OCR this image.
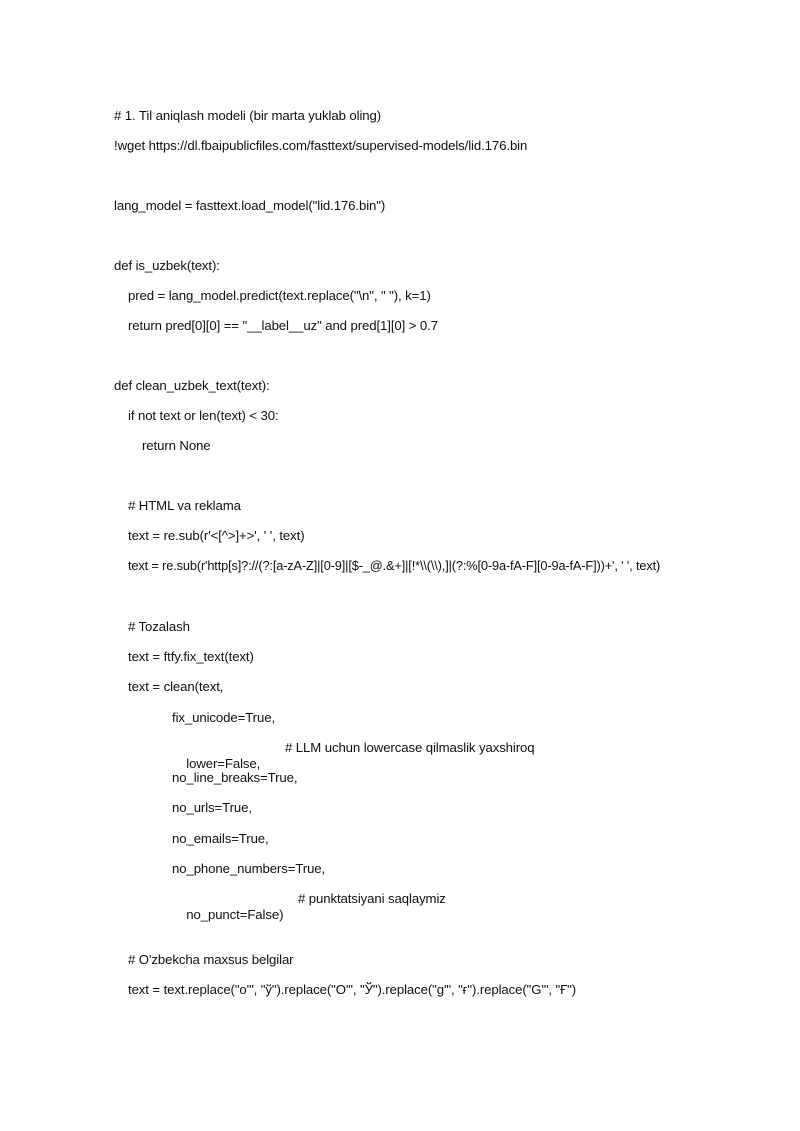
# 1. Til aniqlash modeli (bir marta yuklab oling)
!wget https://dl.fbaipublicfiles.com/fasttext/supervised-models/lid.176.bin
lang_model = fasttext.load_model("lid.176.bin")
def is_uzbek(text):
pred = lang_model.predict(text.replace("\n", " "), k=1)
return pred[0][0] == "__label__uz" and pred[1][0] > 0.7
def clean_uzbek_text(text):
if not text or len(text) < 30:
return None
# HTML va reklama
text = re.sub(r'<[^>]+>', ' ', text)
text = re.sub(r'http[s]?://(?:[a-zA-Z]|[0-9]|[$-_@.&+]|[!*\\(\\),]|(?:%[0-9a-fA-F][0-9a-fA-F]))+', ' ', text)
# Tozalash
text = ftfy.fix_text(text)
text = clean(text,
fix_unicode=True,

lower=False,

# LLM uchun lowercase qilmaslik yaxshiroq

no_line_breaks=True,
no_urls=True,
no_emails=True,
no_phone_numbers=True,

no_punct=False)

# punktatsiyani saqlaymiz

# O'zbekcha maxsus belgilar
text = text.replace("o'", "ў").replace("O'", "Ў").replace("g'", "ғ").replace("G'", "Ғ")
